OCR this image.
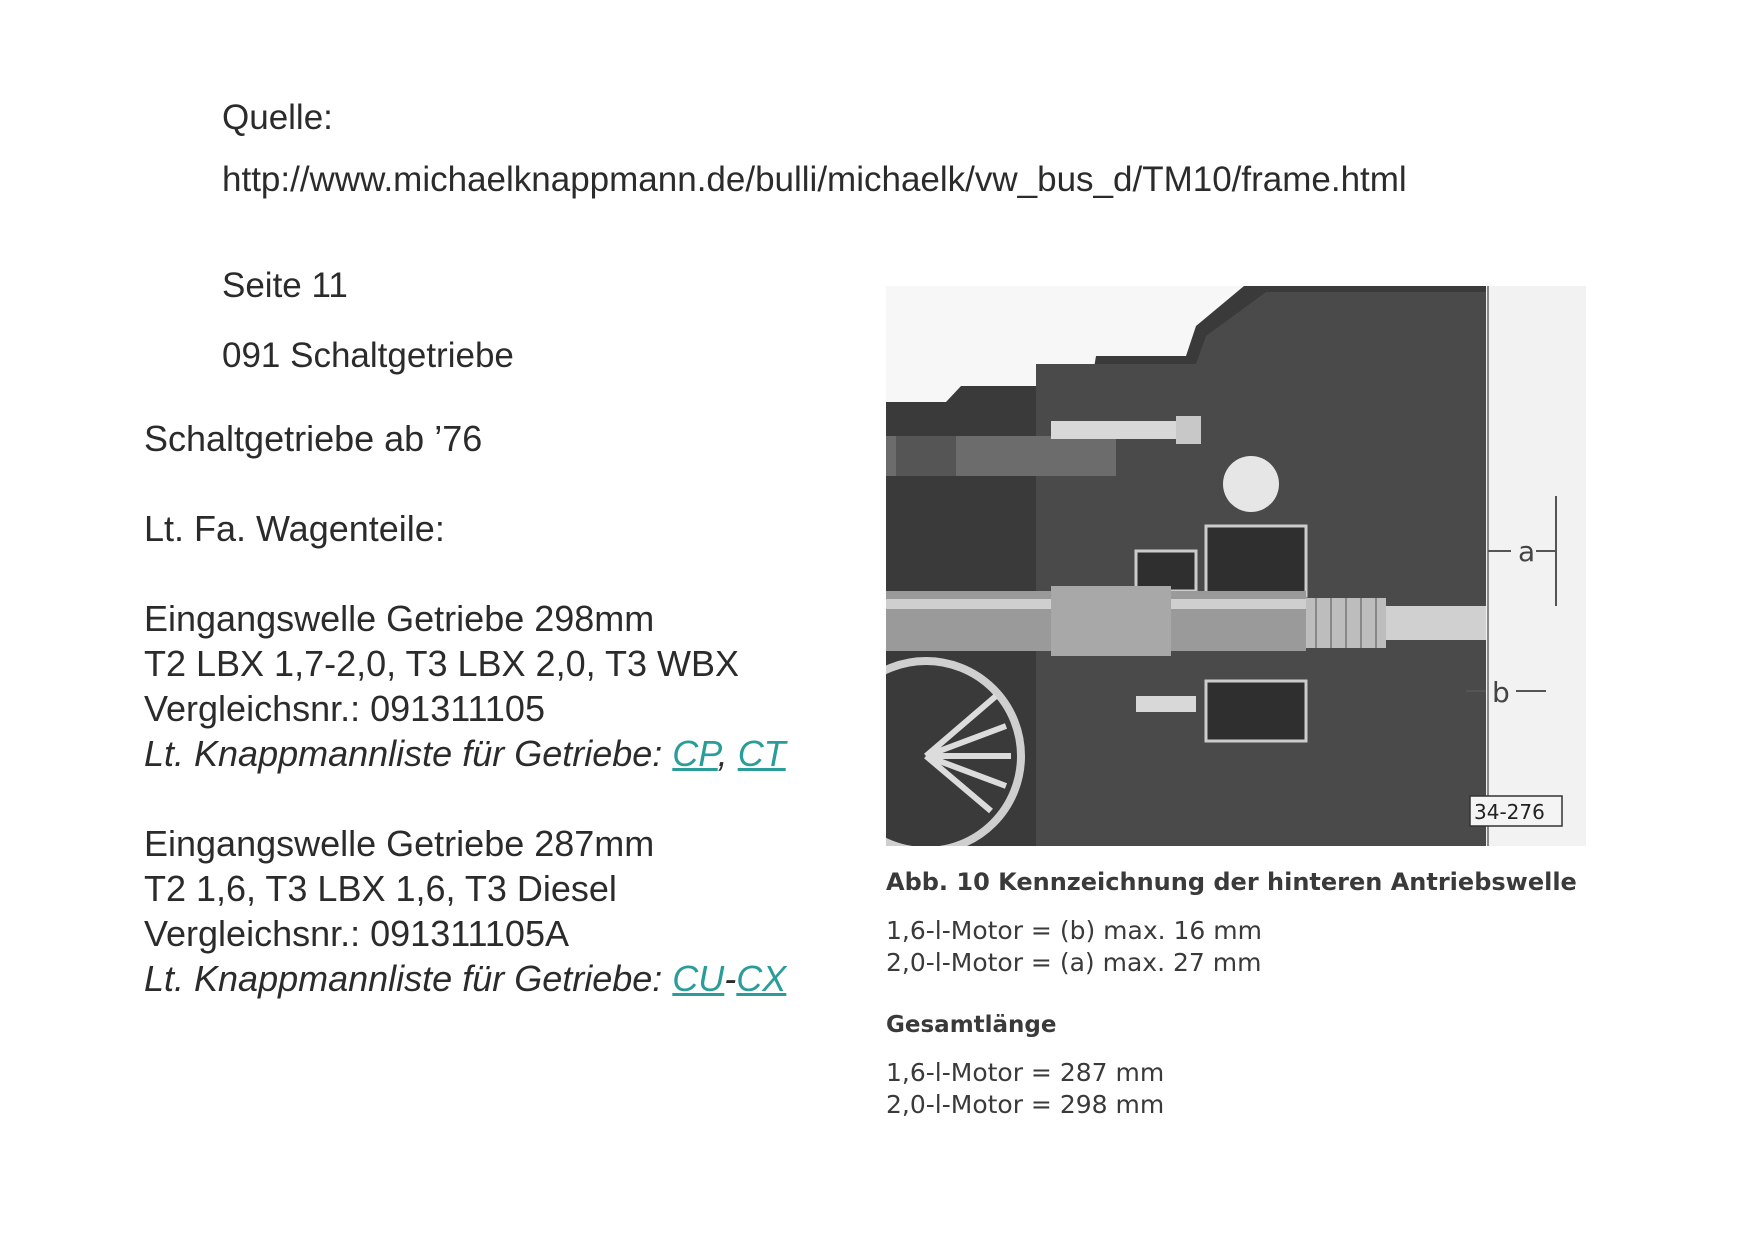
Quelle:

http://www.michaelknappmann.de/bulli/michaelk/vw_bus_d/TM10/frame.html

Seite 11

091 Schaltgetriebe

Schaltgetriebe ab ’76

Lt. Fa. Wagenteile:

Eingangswelle Getriebe 298mm

T2 LBX 1,7-2,0, T3 LBX 2,0, T3 WBX

Vergleichsnr.: 091311105

Lt. Knappmannliste für Getriebe: CP, CT

Eingangswelle Getriebe 287mm

T2 1,6, T3 LBX 1,6, T3 Diesel

Vergleichsnr.: 091311105A

Lt. Knappmannliste für Getriebe: CU-CX

a
b
34-276
Abb. 10 Kennzeichnung der hinteren Antriebswelle
1,6-l-Motor = (b) max. 16 mm
2,0-l-Motor = (a) max. 27 mm
Gesamtlänge
1,6-l-Motor = 287 mm
2,0-l-Motor = 298 mm
